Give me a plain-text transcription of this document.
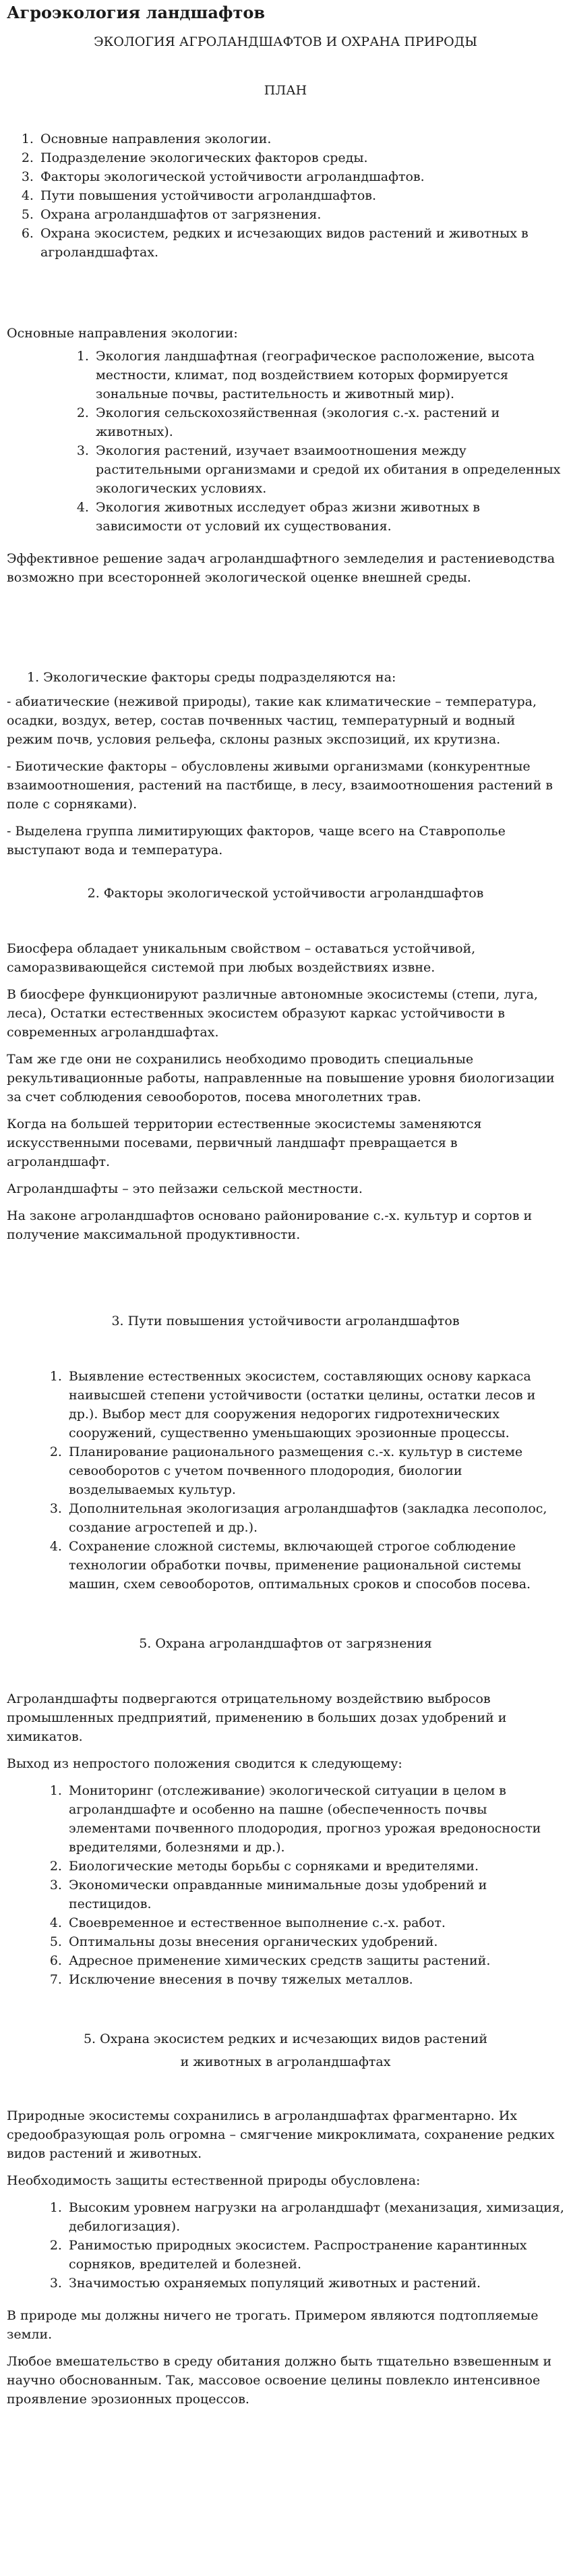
Агроэкология ландшафтов

ЭКОЛОГИЯ АГРОЛАНДШАФТОВ И ОХРАНА ПРИРОДЫ

ПЛАН

1. Основные направления экологии.
2. Подразделение экологических факторов среды.
3. Факторы экологической устойчивости агроландшафтов.
4. Пути повышения устойчивости агроландшафтов.
5. Охрана агроландшафтов от загрязнения.
6. Охрана экосистем, редких и исчезающих видов растений и животных в агроландшафтах.

Основные направления экологии:

1. Экология ландшафтная (географическое расположение, высота местности, климат, под воздействием которых формируется зональные почвы, растительность и животный мир).
2. Экология сельскохозяйственная (экология с.-х. растений и животных).
3. Экология растений, изучает взаимоотношения между растительными организмами и средой их обитания в определенных экологических условиях.
4. Экология животных исследует образ жизни животных в зависимости от условий их существования.

Эффективное решение задач агроландшафтного земледелия и растениеводства возможно при всесторонней экологической оценке внешней среды.

1. Экологические факторы среды подразделяются на:

- абиатические (неживой природы), такие как климатические – температура, осадки, воздух, ветер, состав почвенных частиц, температурный и водный режим почв, условия рельефа, склоны разных экспозиций, их крутизна.

- Биотические факторы – обусловлены живыми организмами (конкурентные взаимоотношения, растений на пастбище, в лесу, взаимоотношения растений в поле с сорняками).

- Выделена группа лимитирующих факторов, чаще всего на Ставрополье выступают вода и температура.

2. Факторы экологической устойчивости агроландшафтов

Биосфера обладает уникальным свойством – оставаться устойчивой, саморазвивающейся системой при любых воздействиях извне.

В биосфере функционируют различные автономные экосистемы (степи, луга, леса), Остатки естественных экосистем образуют каркас устойчивости в современных агроландшафтах.

Там же где они не сохранились необходимо проводить специальные рекультивационные работы, направленные на повышение уровня биологизации за счет соблюдения севооборотов, посева многолетних трав.

Когда на большей территории естественные экосистемы заменяются искусственными посевами, первичный ландшафт превращается в агроландшафт.

Агроландшафты – это пейзажи сельской местности.

На законе агроландшафтов основано районирование с.-х. культур и сортов и получение максимальной продуктивности.

3. Пути повышения устойчивости агроландшафтов

1. Выявление естественных экосистем, составляющих основу каркаса наивысшей степени устойчивости (остатки целины, остатки лесов и др.). Выбор мест для сооружения недорогих гидротехнических сооружений, существенно уменьшающих эрозионные процессы.
2. Планирование рационального размещения с.-х. культур в системе севооборотов с учетом почвенного плодородия, биологии возделываемых культур.
3. Дополнительная экологизация агроландшафтов (закладка лесополос, создание агростепей и др.).
4. Сохранение сложной системы, включающей строгое соблюдение технологии обработки почвы, применение рациональной системы машин, схем севооборотов, оптимальных сроков и способов посева.

5. Охрана агроландшафтов от загрязнения

Агроландшафты подвергаются отрицательному воздействию выбросов промышленных предприятий, применению в больших дозах удобрений и химикатов.

Выход из непростого положения сводится к следующему:

1. Мониторинг (отслеживание) экологической ситуации в целом в агроландшафте и особенно на пашне (обеспеченность почвы элементами почвенного плодородия, прогноз урожая вредоносности вредителями, болезнями и др.).
2. Биологические методы борьбы с сорняками и вредителями.
3. Экономически оправданные минимальные дозы удобрений и пестицидов.
4. Своевременное и естественное выполнение с.-х. работ.
5. Оптимальны дозы внесения органических удобрений.
6. Адресное применение химических средств защиты растений.
7. Исключение внесения в почву тяжелых металлов.

5. Охрана экосистем редких и исчезающих видов растений

и животных в агроландшафтах

Природные экосистемы сохранились в агроландшафтах фрагментарно. Их средообразующая роль огромна – смягчение микроклимата, сохранение редких видов растений и животных.

Необходимость защиты естественной природы обусловлена:

1. Высоким уровнем нагрузки на агроландшафт (механизация, химизация, дебилогизация).
2. Ранимостью природных экосистем. Распространение карантинных сорняков, вредителей и болезней.
3. Значимостью охраняемых популяций животных и растений.

В природе мы должны ничего не трогать. Примером являются подтопляемые земли.

Любое вмешательство в среду обитания должно быть тщательно взвешенным и научно обоснованным. Так, массовое освоение целины повлекло интенсивное проявление эрозионных процессов.
